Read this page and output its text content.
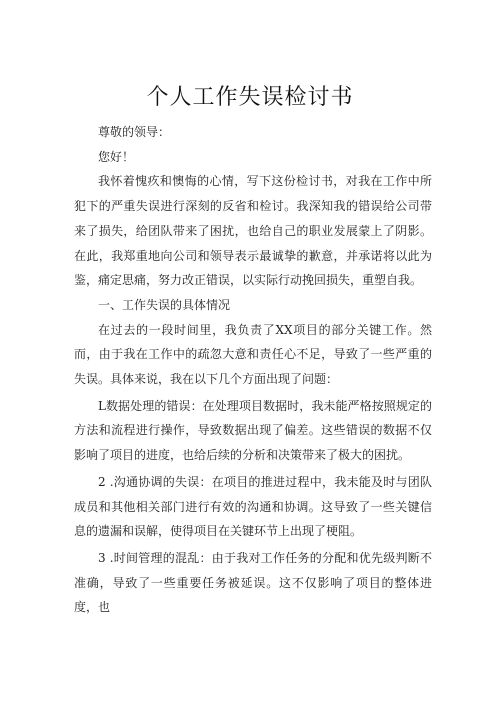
个人工作失误检讨书

尊敬的领导：

您好！

我怀着愧疚和懊悔的心情，写下这份检讨书，对我在工作中所犯下的严重失误进行深刻的反省和检讨。我深知我的错误给公司带来了损失，给团队带来了困扰，也给自己的职业发展蒙上了阴影。在此，我郑重地向公司和领导表示最诚挚的歉意，并承诺将以此为鉴，痛定思痛，努力改正错误，以实际行动挽回损失，重塑自我。

一、工作失误的具体情况

在过去的一段时间里，我负责了XX项目的部分关键工作。然而，由于我在工作中的疏忽大意和责任心不足，导致了一些严重的失误。具体来说，我在以下几个方面出现了问题：

L数据处理的错误：在处理项目数据时，我未能严格按照规定的方法和流程进行操作，导致数据出现了偏差。这些错误的数据不仅影响了项目的进度，也给后续的分析和决策带来了极大的困扰。

2 .沟通协调的失误：在项目的推进过程中，我未能及时与团队成员和其他相关部门进行有效的沟通和协调。这导致了一些关键信息的遗漏和误解，使得项目在关键环节上出现了梗阻。

3 .时间管理的混乱：由于我对工作任务的分配和优先级判断不准确，导致了一些重要任务被延误。这不仅影响了项目的整体进度，也
